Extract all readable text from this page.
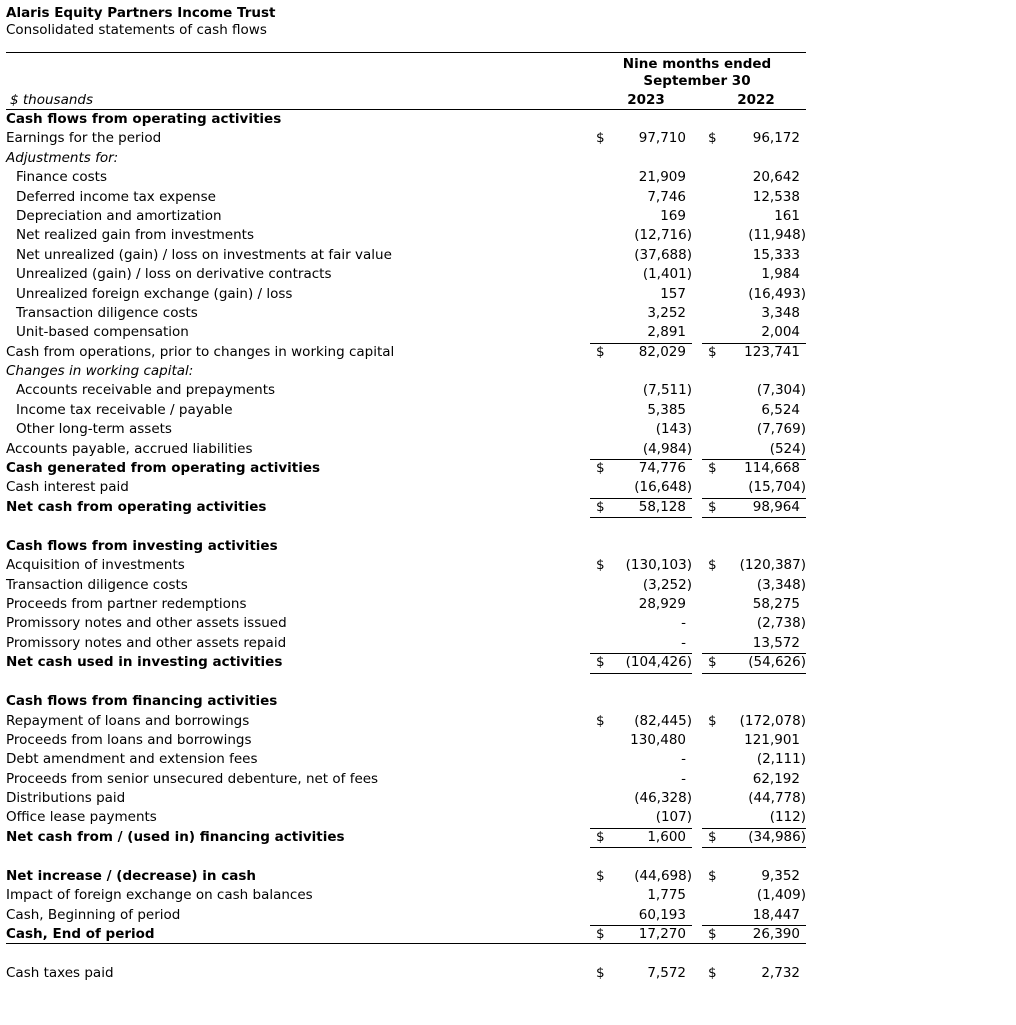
Alaris Equity Partners Income Trust
Consolidated statements of cash flows
$ thousands
Nine months ended
September 30
2023	2022
Cash flows from operating activities
Earnings for the period	$	97,710 $	96,172
Adjustments for:
Finance costs	21,909	20,642
Deferred income tax expense	7,746	12,538
Depreciation and amortization	169	161
Net realized gain from investments	(12,716)	(11,948)
Net unrealized (gain) / loss on investments at fair value	(37,688)	15,333
Unrealized (gain) / loss on derivative contracts	(1,401)	1,984
Unrealized foreign exchange (gain) / loss	157	(16,493)
Transaction diligence costs	3,252	3,348
Unit-based compensation	2,891	2,004
Cash from operations, prior to changes in working capital	$	82,029 $ 123,741
Changes in working capital:
Accounts receivable and prepayments	(7,511)	(7,304)
Income tax receivable / payable	5,385	6,524
Other long-term assets	(143)	(7,769)
Accounts payable, accrued liabilities	(4,984)	(524)
Cash generated from operating activities	$	74,776 $ 114,668
Cash interest paid	(16,648)	(15,704)
Net cash from operating activities	$	58,128 $	98,964
Cash flows from investing activities
Acquisition of investments	$ (130,103) $ (120,387)
Transaction diligence costs	(3,252)	(3,348)
Proceeds from partner redemptions	28,929	58,275
Promissory notes and other assets issued	-	(2,738)
Promissory notes and other assets repaid	-	13,572
Net cash used in investing activities	$ (104,426) $ (54,626)
Cash flows from financing activities
Repayment of loans and borrowings	$ (82,445) $ (172,078)
Proceeds from loans and borrowings	130,480	121,901
Debt amendment and extension fees	-	(2,111)
Proceeds from senior unsecured debenture, net of fees	-	62,192
Distributions paid	(46,328)	(44,778)
Office lease payments	(107)	(112)
Net cash from / (used in) financing activities	$	1,600 $ (34,986)
Net increase / (decrease) in cash	$ (44,698) $	9,352
Impact of foreign exchange on cash balances	1,775	(1,409)
Cash, Beginning of period	60,193	18,447
Cash, End of period	$	17,270 $	26,390
Cash taxes paid	$	7,572 $	2,732
